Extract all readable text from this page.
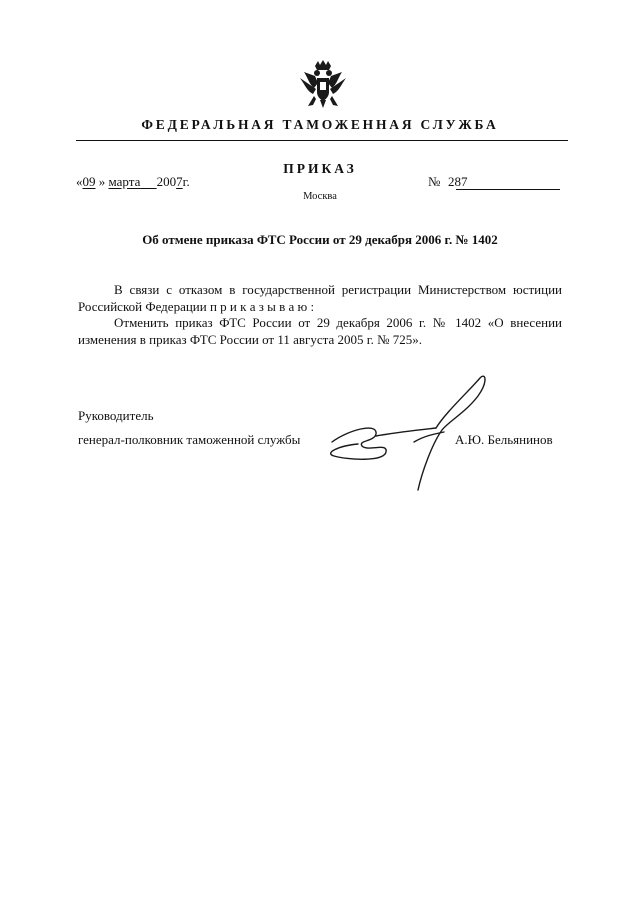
ФЕДЕРАЛЬНАЯ ТАМОЖЕННАЯ СЛУЖБА
ПРИКАЗ
«09 » марта 2007г.	№ 287
Москва
Об отмене приказа ФТС России от 29 декабря 2006 г. № 1402

В связи с отказом в государственной регистрации Министерством юстиции Российской Федерации п р и к а з ы в а ю :

Отменить приказ ФТС России от 29 декабря 2006 г. № 1402 «О внесении изменения в приказ ФТС России от 11 августа 2005 г. № 725».

Руководитель
генерал-полковник таможенной службы	А.Ю. Бельянинов
